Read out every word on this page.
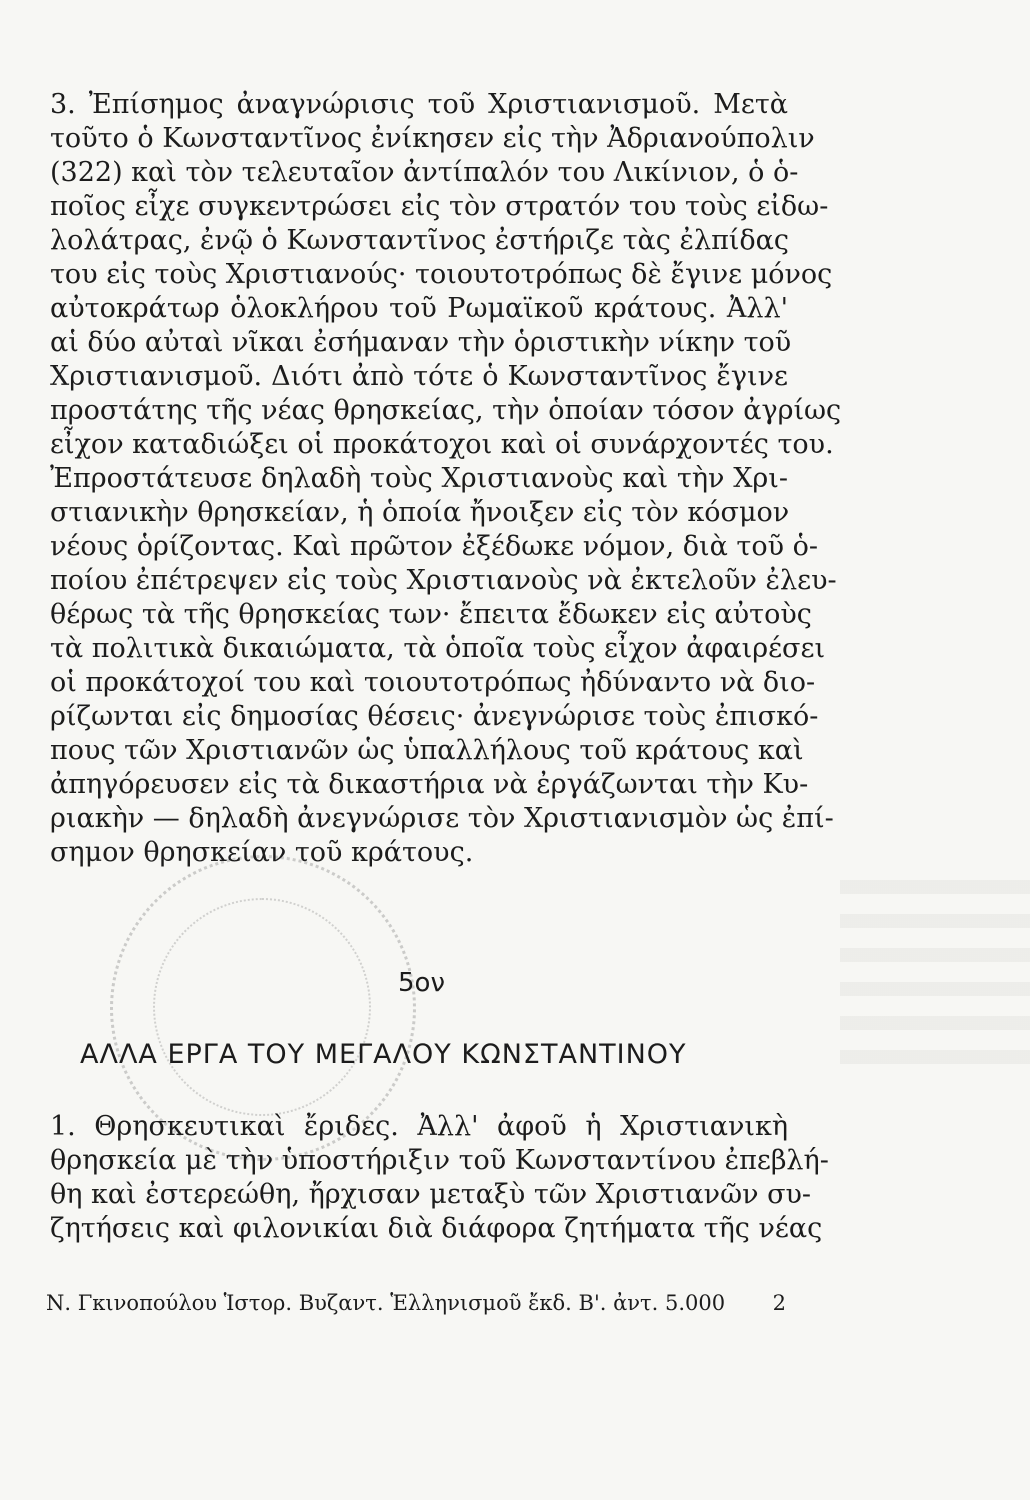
3. Ἐπίσημος ἀναγνώρισις τοῦ Χριστιανισμοῦ. Μετὰ
τοῦτο ὁ Κωνσταντῖνος ἐνίκησεν εἰς τὴν Ἀδριανούπολιν
(322) καὶ τὸν τελευταῖον ἀντίπαλόν του Λικίνιον, ὁ ὁ-
ποῖος εἶχε συγκεντρώσει εἰς τὸν στρατόν του τοὺς εἰδω-
λολάτρας, ἐνῷ ὁ Κωνσταντῖνος ἐστήριζε τὰς ἐλπίδας
του εἰς τοὺς Χριστιανούς· τοιουτοτρόπως δὲ ἔγινε μόνος
αὐτοκράτωρ ὁλοκλήρου τοῦ Ρωμαϊκοῦ κράτους. Ἀλλ'
αἱ δύο αὐταὶ νῖκαι ἐσήμαναν τὴν ὁριστικὴν νίκην τοῦ
Χριστιανισμοῦ. Διότι ἀπὸ τότε ὁ Κωνσταντῖνος ἔγινε
προστάτης τῆς νέας θρησκείας, τὴν ὁποίαν τόσον ἀγρίως
εἶχον καταδιώξει οἱ προκάτοχοι καὶ οἱ συνάρχοντές του.
Ἐπροστάτευσε δηλαδὴ τοὺς Χριστιανοὺς καὶ τὴν Χρι-
στιανικὴν θρησκείαν, ἡ ὁποία ἤνοιξεν εἰς τὸν κόσμον
νέους ὁρίζοντας. Καὶ πρῶτον ἐξέδωκε νόμον, διὰ τοῦ ὁ-
ποίου ἐπέτρεψεν εἰς τοὺς Χριστιανοὺς νὰ ἐκτελοῦν ἐλευ-
θέρως τὰ τῆς θρησκείας των· ἔπειτα ἔδωκεν εἰς αὐτοὺς
τὰ πολιτικὰ δικαιώματα, τὰ ὁποῖα τοὺς εἶχον ἀφαιρέσει
οἱ προκάτοχοί του καὶ τοιουτοτρόπως ἠδύναντο νὰ διο-
ρίζωνται εἰς δημοσίας θέσεις· ἀνεγνώρισε τοὺς ἐπισκό-
πους τῶν Χριστιανῶν ὡς ὑπαλλήλους τοῦ κράτους καὶ
ἀπηγόρευσεν εἰς τὰ δικαστήρια νὰ ἐργάζωνται τὴν Κυ-
ριακὴν — δηλαδὴ ἀνεγνώρισε τὸν Χριστιανισμὸν ὡς ἐπί-
σημον θρησκείαν τοῦ κράτους.
5ον
ΑΛΛΑ ΕΡΓΑ ΤΟΥ ΜΕΓΑΛΟΥ ΚΩΝΣΤΑΝΤΙΝΟΥ
1. Θρησκευτικαὶ ἔριδες. Ἀλλ' ἀφοῦ ἡ Χριστιανικὴ
θρησκεία μὲ τὴν ὑποστήριξιν τοῦ Κωνσταντίνου ἐπεβλή-
θη καὶ ἐστερεώθη, ἤρχισαν μεταξὺ τῶν Χριστιανῶν συ-
ζητήσεις καὶ φιλονικίαι διὰ διάφορα ζητήματα τῆς νέας
Ν. Γκινοπούλου Ἱστορ. Βυζαντ. Ἑλληνισμοῦ ἔκδ. Β'. ἀντ. 5.000 2
